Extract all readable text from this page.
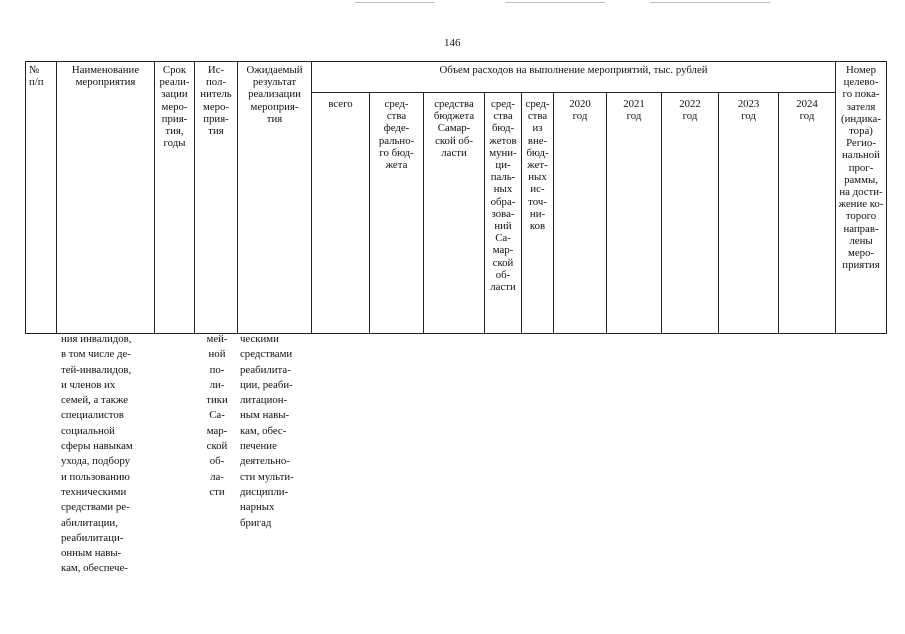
146
№
п/п
Наименование
мероприятия
Срок
реали-
зации
меро-
прия-
тия,
годы
Ис-
пол-
нитель
меро-
прия-
тия
Ожидаемый
результат
реализации
мероприя-
тия
Объем расходов на выполнение мероприятий, тыс. рублей	Номер
целево-
го пока-
зателя
(индика-
тора)
Регио-
нальной
прог-
раммы,
на дости-
жение ко-
торого
направ-
лены
меро-
приятия
всего	сред-
ства
феде-
рально-
го бюд-
жета
средства
бюджета
Самар-
ской об-
ласти
сред-
ства
бюд-
жетов
муни-
ци-
паль-
ных
обра-
зова-
ний
Са-
мар-
ской
об-
ласти
сред-
ства
из
вне-
бюд-
жет-
ных
ис-
точ-
ни-
ков
2020
год
2021
год
2022
год
2023
год
2024
год
ния инвалидов,
в том числе де-
тей-инвалидов,
и членов их
семей, а также
специалистов
социальной
сферы навыкам
ухода, подбору
и пользованию
техническими
средствами ре-
абилитации,
реабилитаци-
онным навы-
кам, обеспече-
мей-
ной
по-
ли-
тики
Са-
мар-
ской
об-
ла-
сти
ческими
средствами
реабилита-
ции, реаби-
литацион-
ным навы-
кам, обес-
печение
деятельно-
сти мульти-
дисципли-
нарных
бригад
